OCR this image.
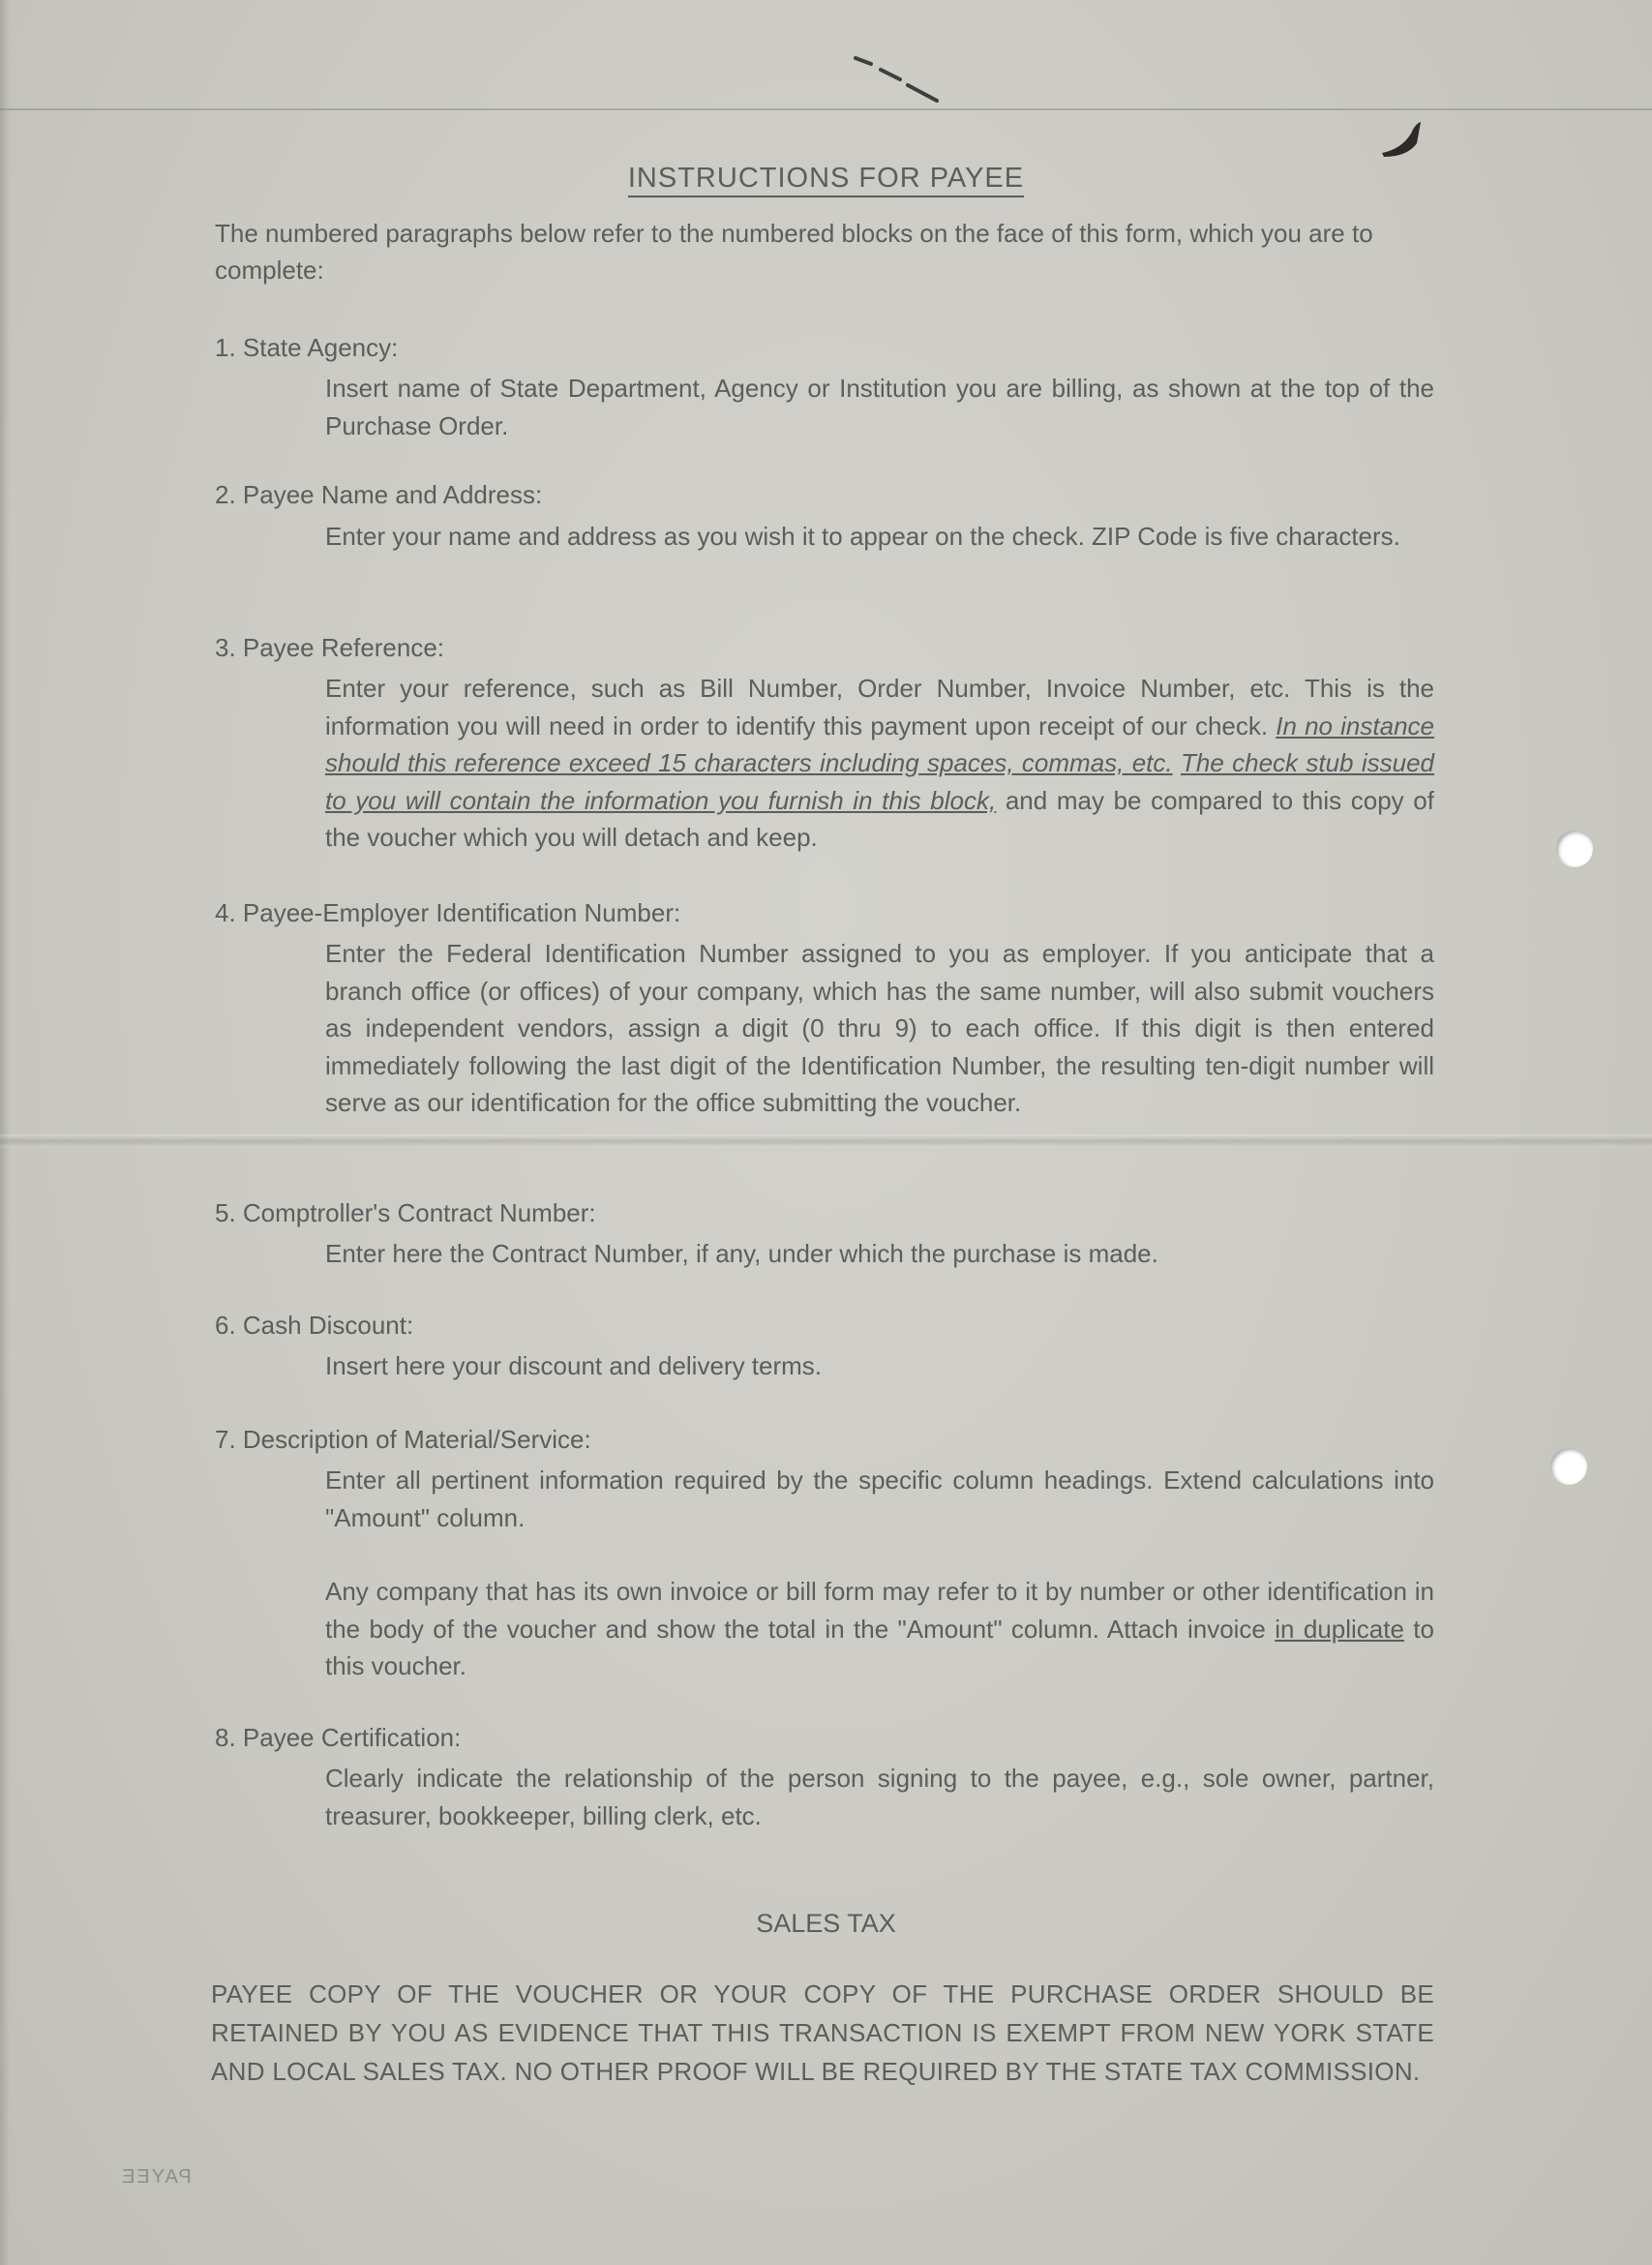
INSTRUCTIONS FOR PAYEE
The numbered paragraphs below refer to the numbered blocks on the face of this form, which you are to complete:
1. State Agency:

Insert name of State Department, Agency or Institution you are billing, as shown at the top of the Purchase Order.

2. Payee Name and Address:

Enter your name and address as you wish it to appear on the check. ZIP Code is five characters.

3. Payee Reference:

Enter your reference, such as Bill Number, Order Number, Invoice Number, etc. This is the information you will need in order to identify this payment upon receipt of our check. In no instance should this reference exceed 15 characters including spaces, commas, etc. The check stub issued to you will contain the information you furnish in this block, and may be compared to this copy of the voucher which you will detach and keep.

4. Payee-Employer Identification Number:

Enter the Federal Identification Number assigned to you as employer. If you anticipate that a branch office (or offices) of your company, which has the same number, will also submit vouchers as independent vendors, assign a digit (0 thru 9) to each office. If this digit is then entered immediately following the last digit of the Identification Number, the resulting ten-digit number will serve as our identification for the office submitting the voucher.

5. Comptroller's Contract Number:

Enter here the Contract Number, if any, under which the purchase is made.

6. Cash Discount:

Insert here your discount and delivery terms.

7. Description of Material/Service:

Enter all pertinent information required by the specific column headings. Extend calculations into "Amount" column.

Any company that has its own invoice or bill form may refer to it by number or other identification in the body of the voucher and show the total in the "Amount" column. Attach invoice in duplicate to this voucher.

8. Payee Certification:

Clearly indicate the relationship of the person signing to the payee, e.g., sole owner, partner, treasurer, bookkeeper, billing clerk, etc.

SALES TAX
PAYEE COPY OF THE VOUCHER OR YOUR COPY OF THE PURCHASE ORDER SHOULD BE RETAINED BY YOU AS EVIDENCE THAT THIS TRANSACTION IS EXEMPT FROM NEW YORK STATE AND LOCAL SALES TAX. NO OTHER PROOF WILL BE REQUIRED BY THE STATE TAX COMMISSION.
PAYEE
